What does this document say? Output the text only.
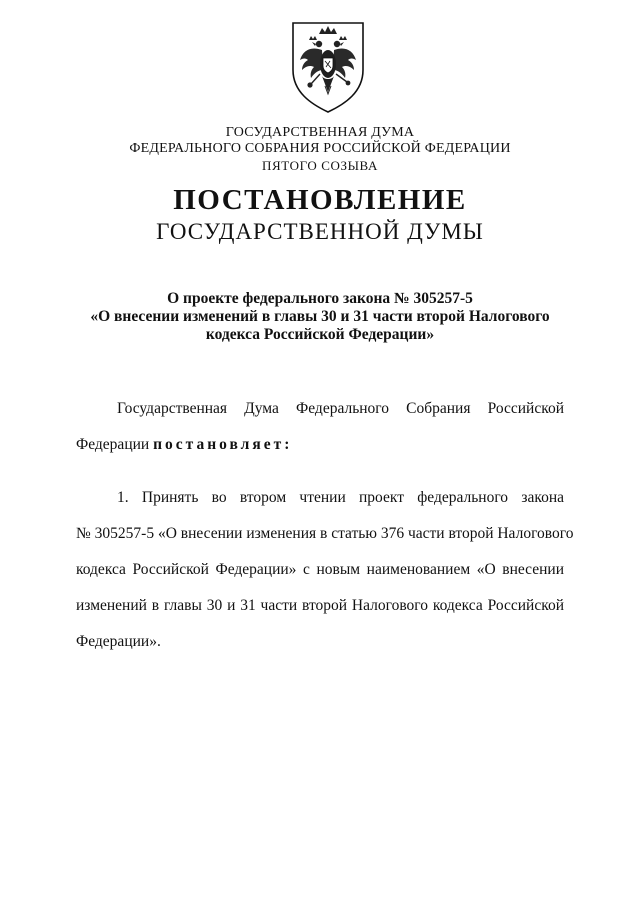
ГОСУДАРСТВЕННАЯ ДУМА
ФЕДЕРАЛЬНОГО СОБРАНИЯ РОССИЙСКОЙ ФЕДЕРАЦИИ
ПЯТОГО СОЗЫВА
ПОСТАНОВЛЕНИЕ
ГОСУДАРСТВЕННОЙ ДУМЫ
О проекте федерального закона № 305257-5
«О внесении изменений в главы 30 и 31 части второй Налогового
кодекса Российской Федерации»
Государственная Дума Федерального Собрания Российской
Федерации постановляет:
1. Принять во втором чтении проект федерального закона
№ 305257-5 «О внесении изменения в статью 376 части второй Налогового
кодекса Российской Федерации» с новым наименованием «О внесении
изменений в главы 30 и 31 части второй Налогового кодекса Российской
Федерации».
